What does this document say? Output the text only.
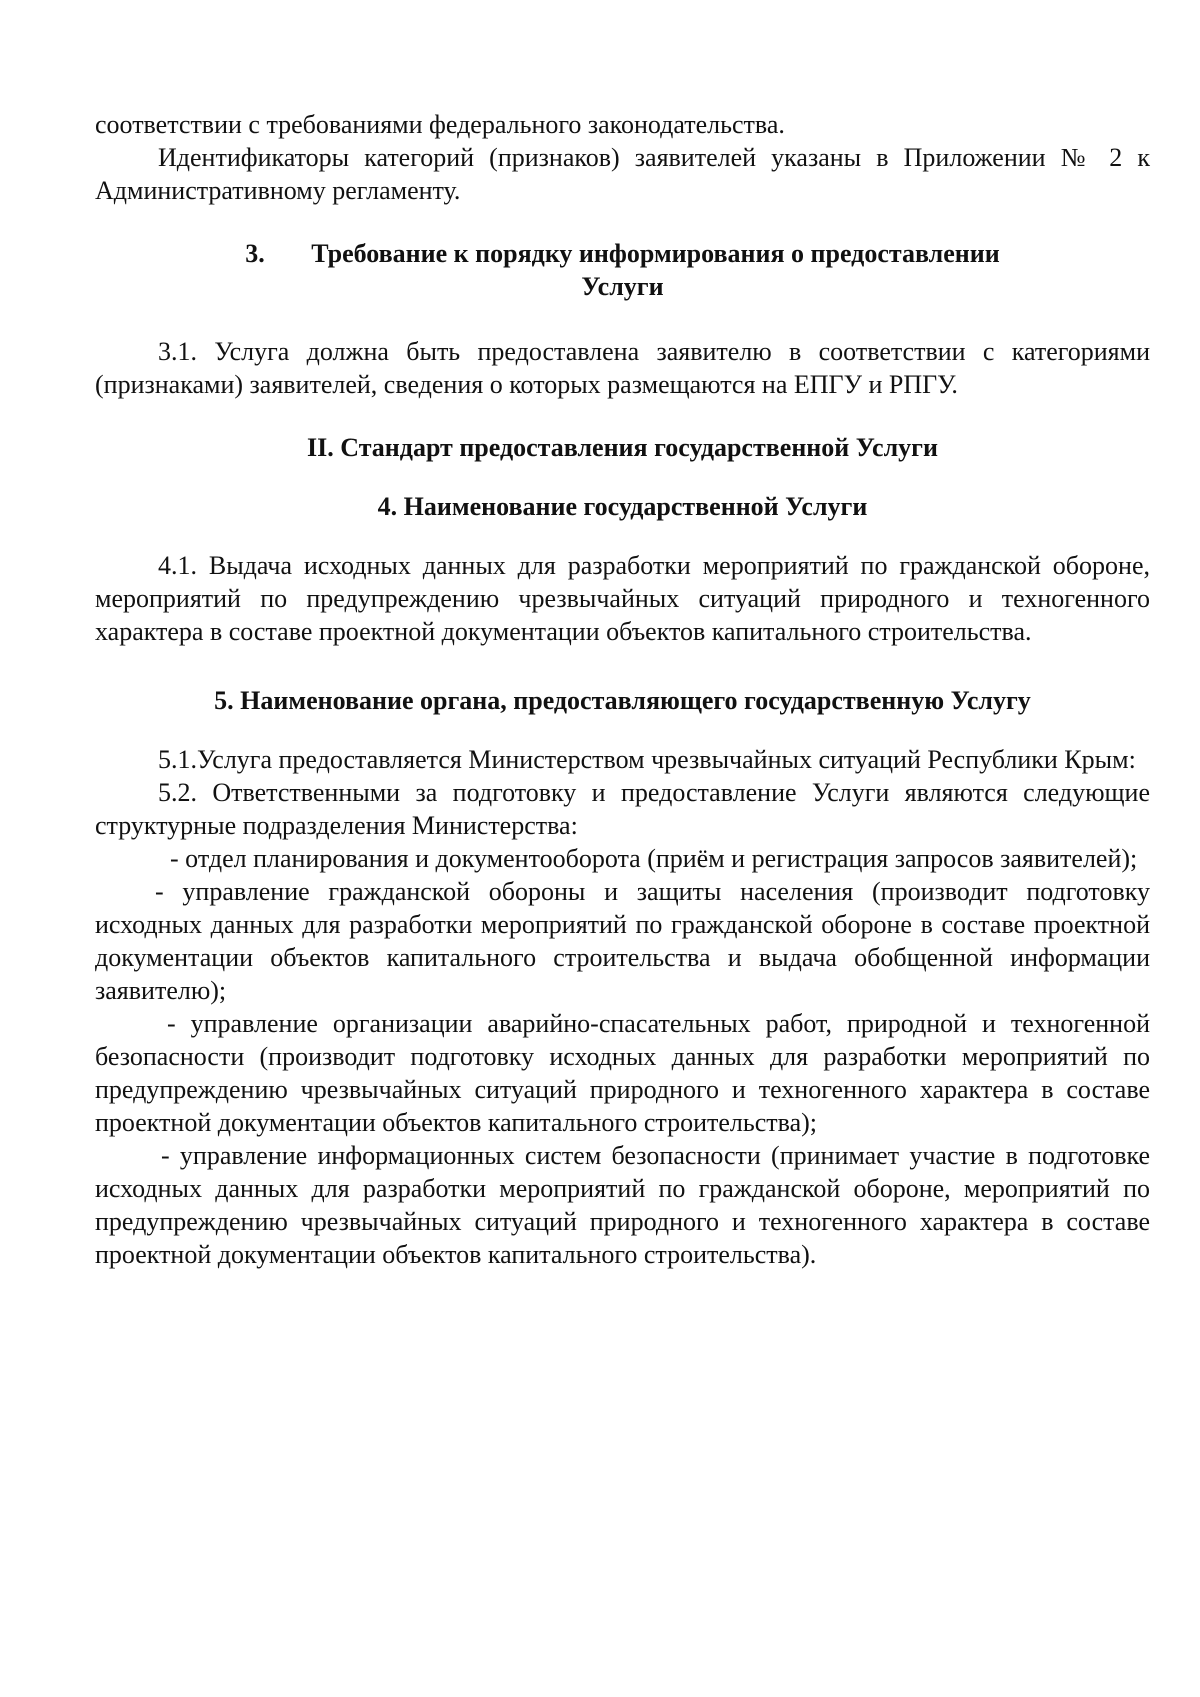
соответствии с требованиями федерального законодательства.

Идентификаторы категорий (признаков) заявителей указаны в Приложении № 2 к Административному регламенту.

3. Требование к порядку информирования о предоставлении
Услуги

3.1. Услуга должна быть предоставлена заявителю в соответствии с категориями (признаками) заявителей, сведения о которых размещаются на ЕПГУ и РПГУ.

II. Стандарт предоставления государственной Услуги

4. Наименование государственной Услуги

4.1. Выдача исходных данных для разработки мероприятий по гражданской обороне, мероприятий по предупреждению чрезвычайных ситуаций природного и техногенного характера в составе проектной документации объектов капитального строительства.

5. Наименование органа, предоставляющего государственную Услугу

5.1.Услуга предоставляется Министерством чрезвычайных ситуаций Республики Крым:

5.2. Ответственными за подготовку и предоставление Услуги являются следующие структурные подразделения Министерства:

- отдел планирования и документооборота (приём и регистрация запросов заявителей);

- управление гражданской обороны и защиты населения (производит подготовку исходных данных для разработки мероприятий по гражданской обороне в составе проектной документации объектов капитального строительства и выдача обобщенной информации заявителю);

- управление организации аварийно-спасательных работ, природной и техногенной безопасности (производит подготовку исходных данных для разработки мероприятий по предупреждению чрезвычайных ситуаций природного и техногенного характера в составе проектной документации объектов капитального строительства);

- управление информационных систем безопасности (принимает участие в подготовке исходных данных для разработки мероприятий по гражданской обороне, мероприятий по предупреждению чрезвычайных ситуаций природного и техногенного характера в составе проектной документации объектов капитального строительства).
